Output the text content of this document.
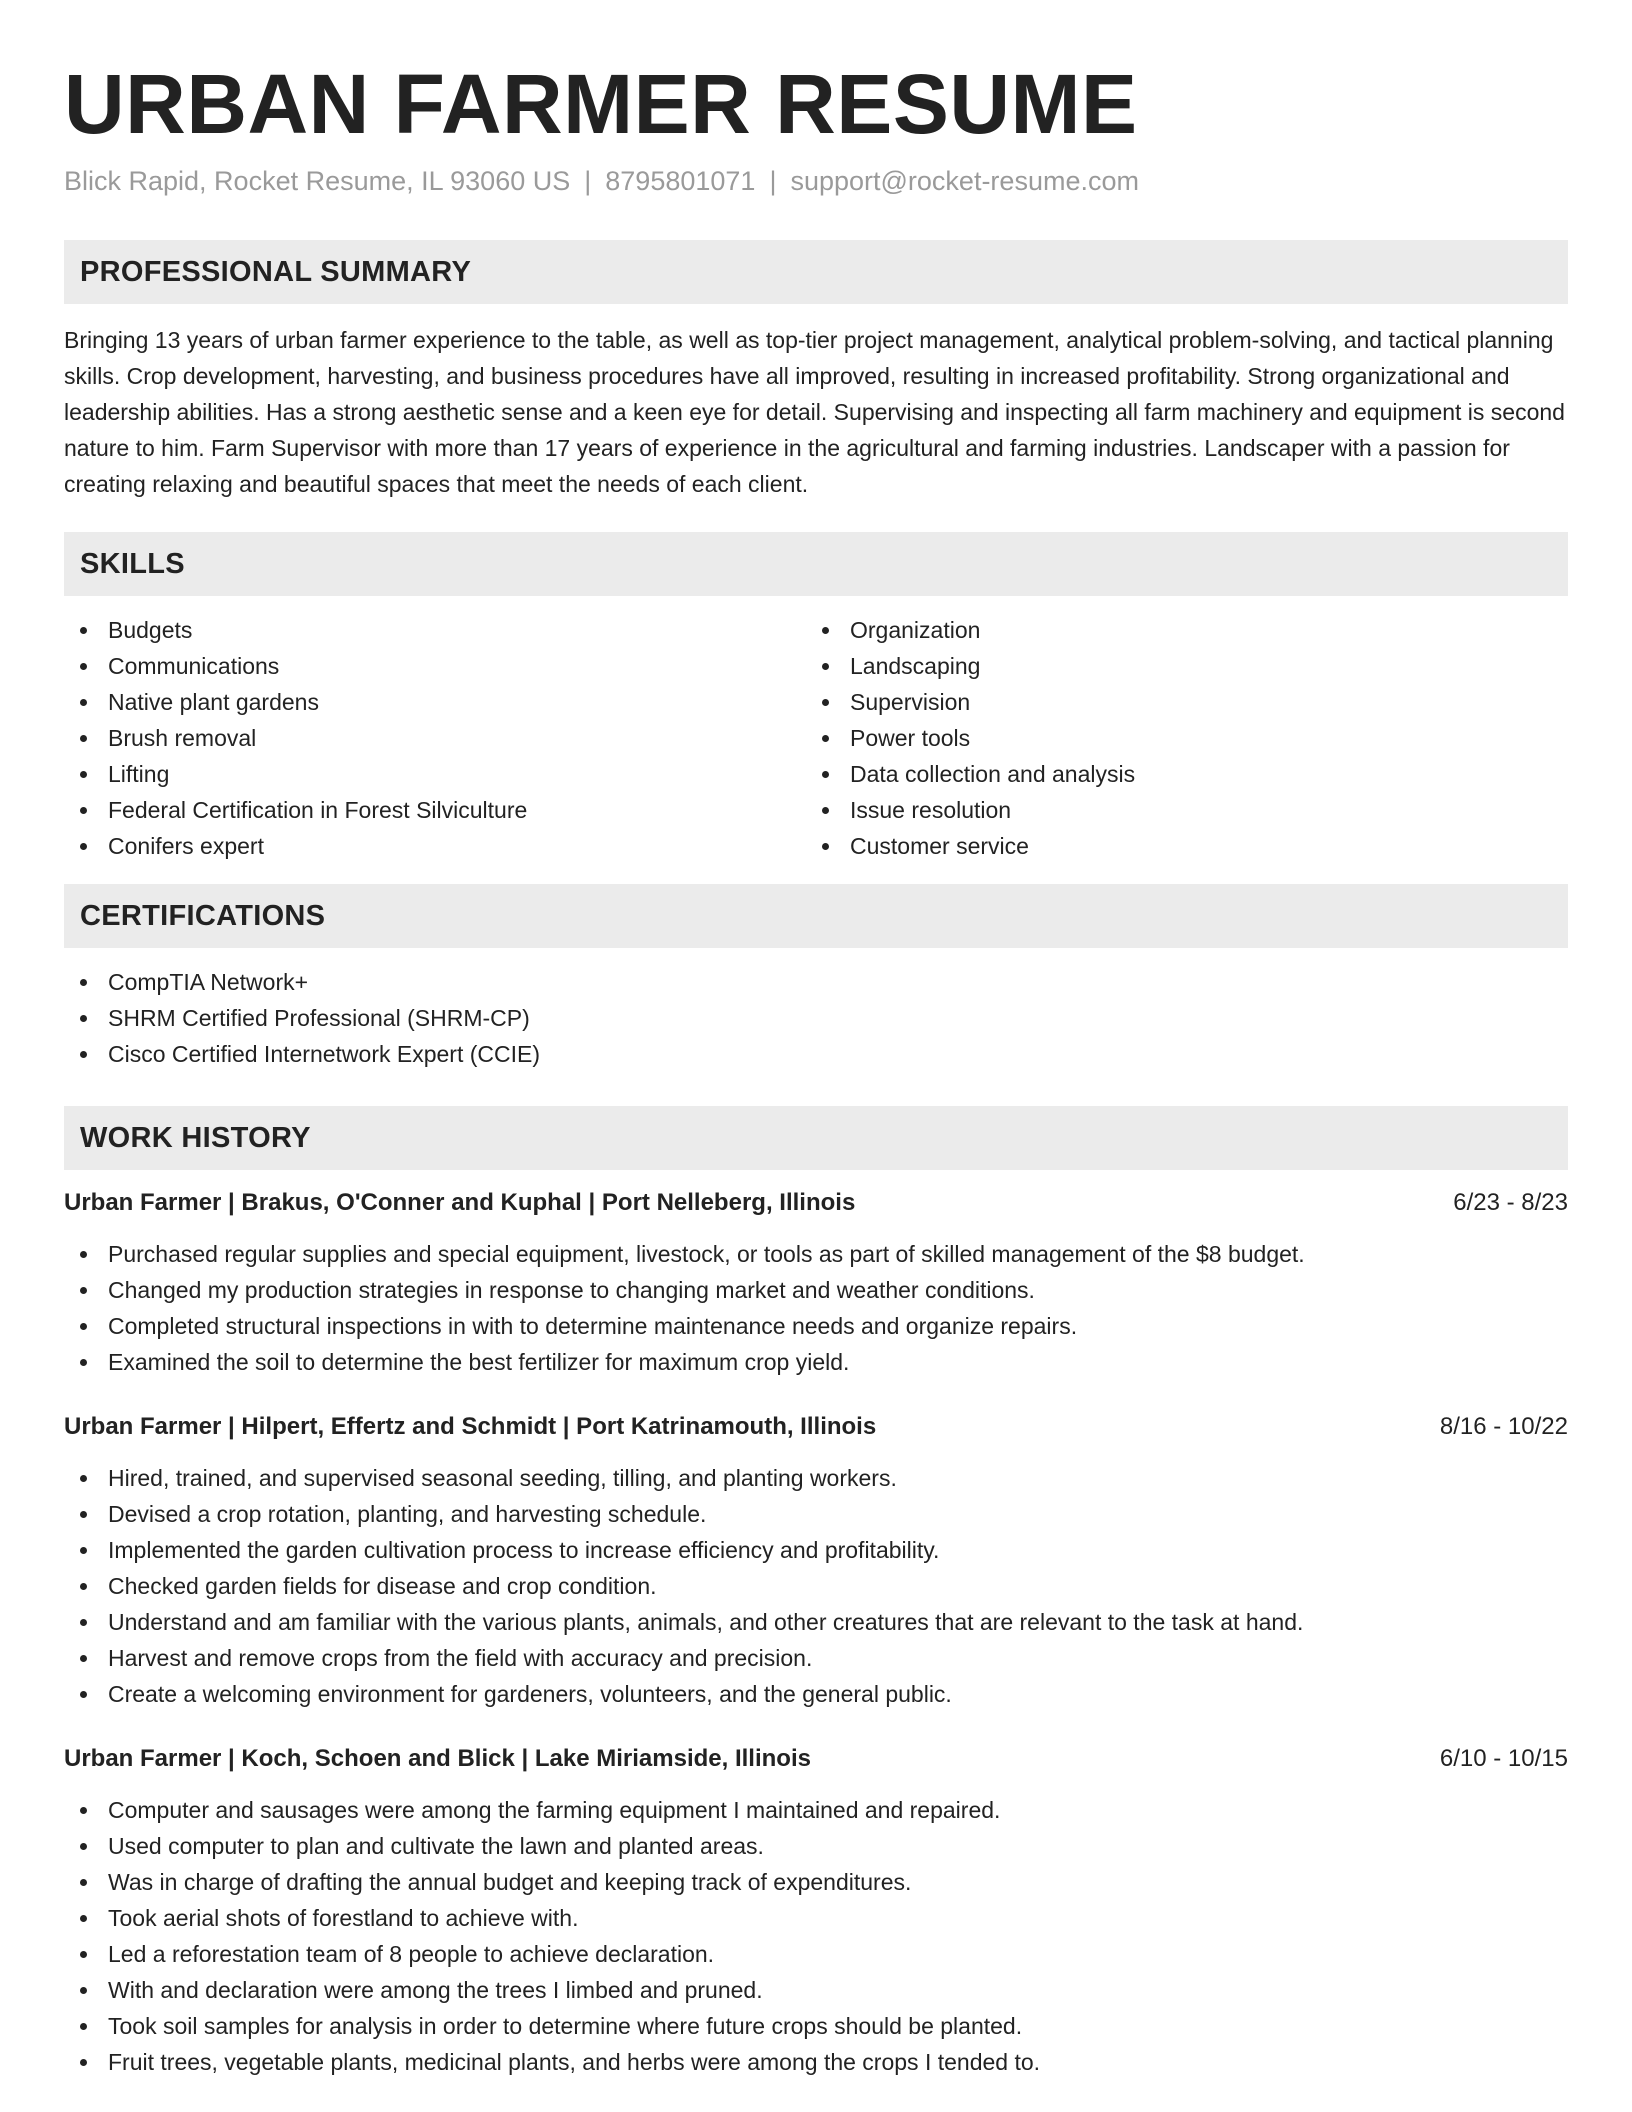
URBAN FARMER RESUME
Blick Rapid, Rocket Resume, IL 93060 US | 8795801071 | support@rocket-resume.com
PROFESSIONAL SUMMARY

Bringing 13 years of urban farmer experience to the table, as well as top-tier project management, analytical problem-solving, and tactical planning skills. Crop development, harvesting, and business procedures have all improved, resulting in increased profitability. Strong organizational and leadership abilities. Has a strong aesthetic sense and a keen eye for detail. Supervising and inspecting all farm machinery and equipment is second nature to him. Farm Supervisor with more than 17 years of experience in the agricultural and farming industries. Landscaper with a passion for creating relaxing and beautiful spaces that meet the needs of each client.

SKILLS
Budgets
Communications
Native plant gardens
Brush removal
Lifting
Federal Certification in Forest Silviculture
Conifers expert
Organization
Landscaping
Supervision
Power tools
Data collection and analysis
Issue resolution
Customer service
CERTIFICATIONS
CompTIA Network+
SHRM Certified Professional (SHRM-CP)
Cisco Certified Internetwork Expert (CCIE)
WORK HISTORY
Urban Farmer | Brakus, O'Conner and Kuphal | Port Nelleberg, Illinois	6/23 - 8/23
Purchased regular supplies and special equipment, livestock, or tools as part of skilled management of the $8 budget.
Changed my production strategies in response to changing market and weather conditions.
Completed structural inspections in with to determine maintenance needs and organize repairs.
Examined the soil to determine the best fertilizer for maximum crop yield.
Urban Farmer | Hilpert, Effertz and Schmidt | Port Katrinamouth, Illinois	8/16 - 10/22
Hired, trained, and supervised seasonal seeding, tilling, and planting workers.
Devised a crop rotation, planting, and harvesting schedule.
Implemented the garden cultivation process to increase efficiency and profitability.
Checked garden fields for disease and crop condition.
Understand and am familiar with the various plants, animals, and other creatures that are relevant to the task at hand.
Harvest and remove crops from the field with accuracy and precision.
Create a welcoming environment for gardeners, volunteers, and the general public.
Urban Farmer | Koch, Schoen and Blick | Lake Miriamside, Illinois	6/10 - 10/15
Computer and sausages were among the farming equipment I maintained and repaired.
Used computer to plan and cultivate the lawn and planted areas.
Was in charge of drafting the annual budget and keeping track of expenditures.
Took aerial shots of forestland to achieve with.
Led a reforestation team of 8 people to achieve declaration.
With and declaration were among the trees I limbed and pruned.
Took soil samples for analysis in order to determine where future crops should be planted.
Fruit trees, vegetable plants, medicinal plants, and herbs were among the crops I tended to.
